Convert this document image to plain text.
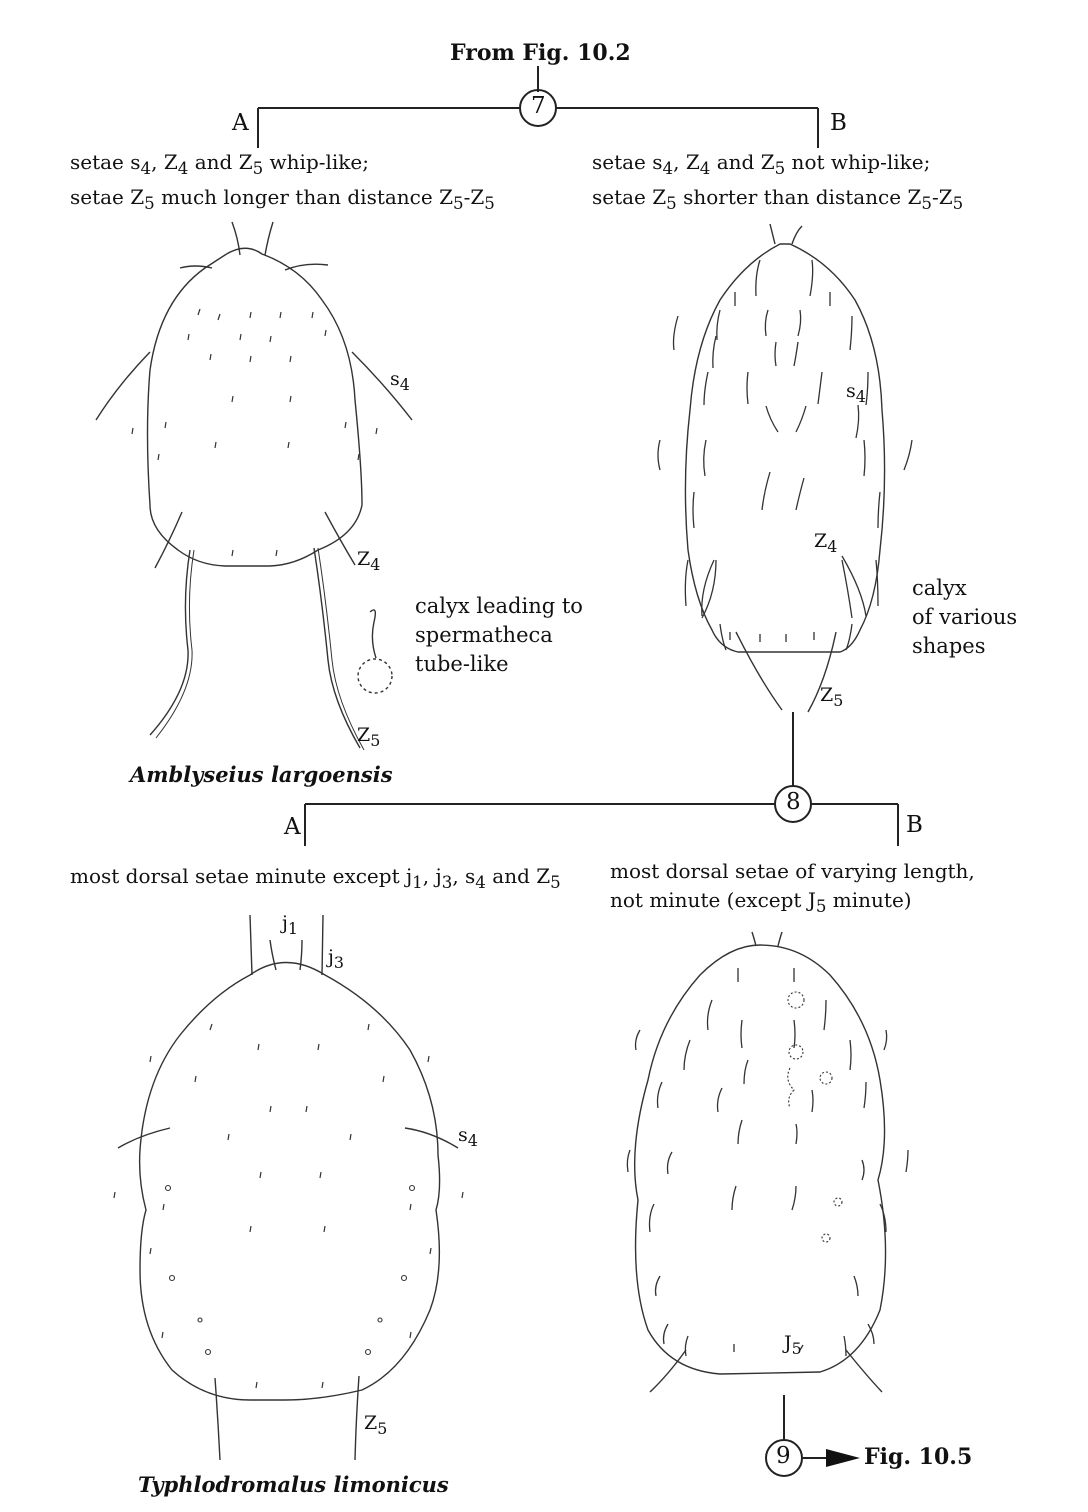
From Fig. 10.2
7
A	B
setae $s_4$, $Z_4$ and $Z_5$ whip-like;
setae $Z_5$ much longer than distance $Z_5-Z_5$
setae $s_4$, $Z_4$ and $Z_5$ not whip-like;
setae $Z_5$ shorter than distance $Z_5-Z_5$
$s_4$
$Z_4$
$Z_5$
calyx leading to
spermatheca
tube-like
Amblyseius largoensis
$s_4$
$Z_4$
$Z_5$
calyx
of various
shapes
8
A	B
most dorsal setae minute except $j_1$, $j_3$, $s_4$ and $Z_5$ most dorsal setae of varying length,
not minute (except $J_5$ minute)
$j_1$
$j_3$
$s_4$
$Z_5$
Typhlodromalus limonicus
$J_5$
9	Fig. 10.5
